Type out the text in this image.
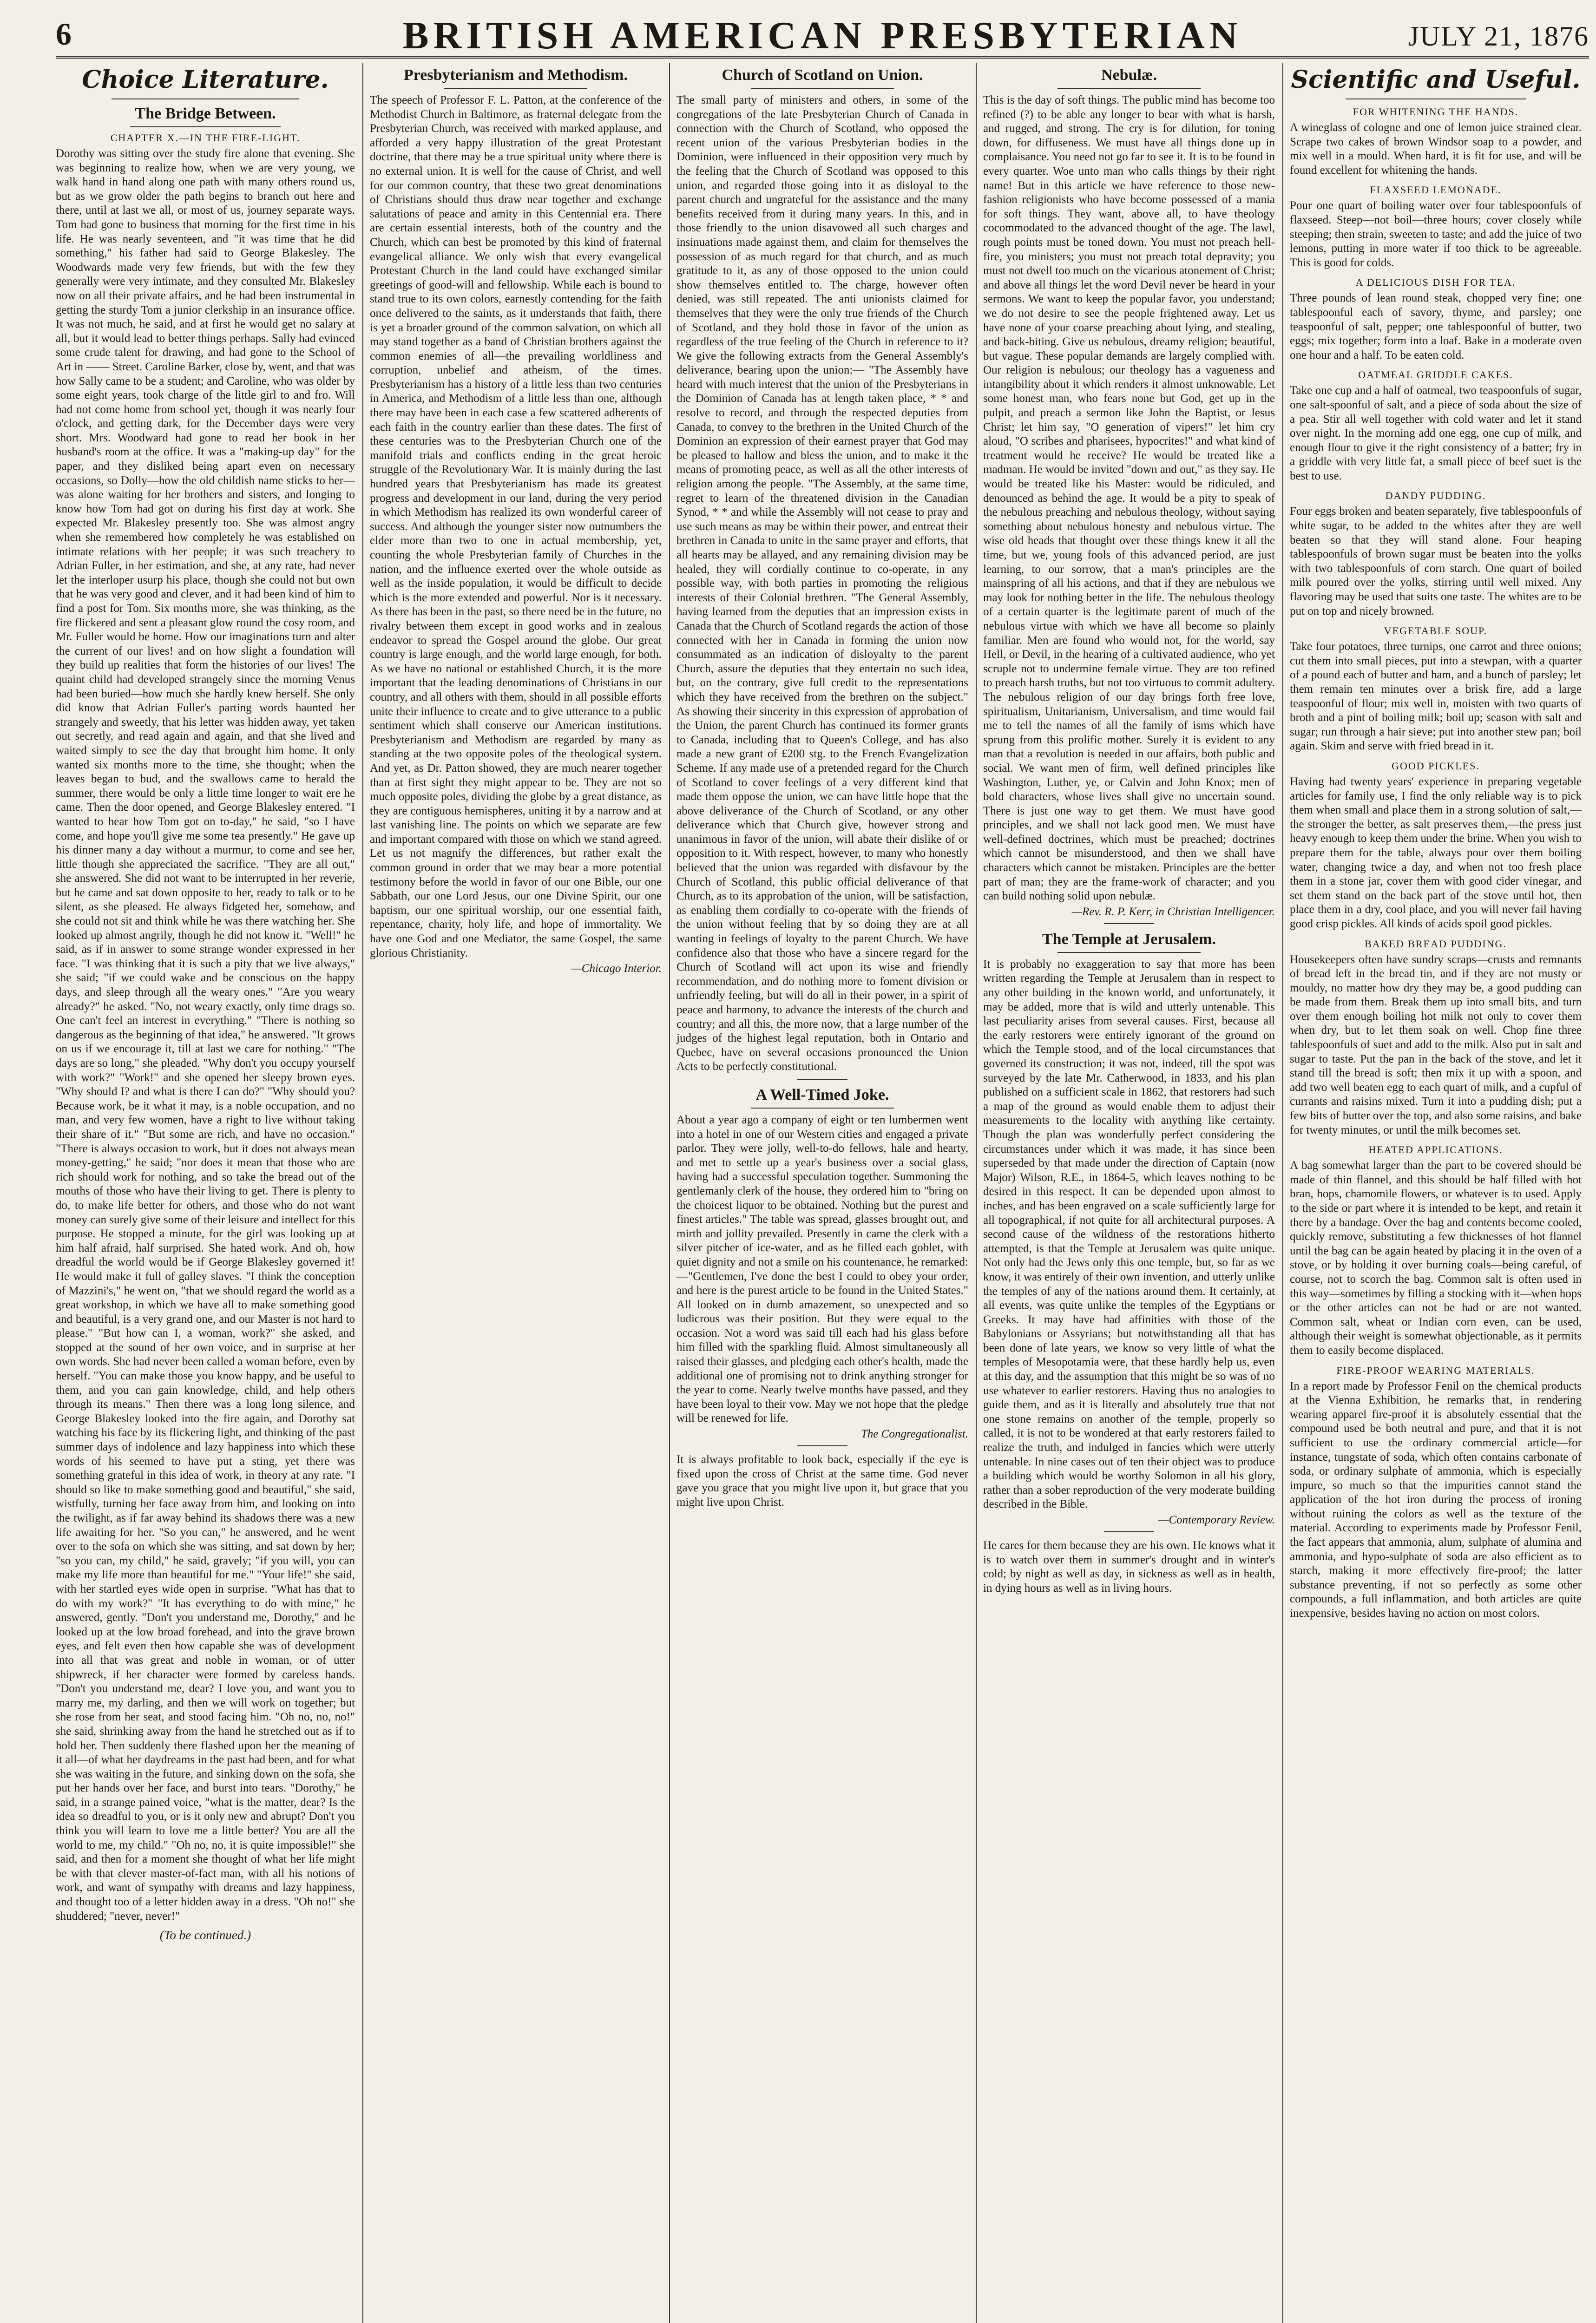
6	BRITISH AMERICAN PRESBYTERIAN	JULY 21, 1876
Choice Literature.
The Bridge Between.
CHAPTER X.—IN THE FIRE-LIGHT.

Dorothy was sitting over the study fire alone that evening. She was beginning to realize how, when we are very young, we walk hand in hand along one path with many others round us, but as we grow older the path begins to branch out here and there, until at last we all, or most of us, journey separate ways. Tom had gone to business that morning for the first time in his life. He was nearly seventeen, and "it was time that he did something," his father had said to George Blakesley. The Woodwards made very few friends, but with the few they generally were very intimate, and they consulted Mr. Blakesley now on all their private affairs, and he had been instrumental in getting the sturdy Tom a junior clerkship in an insurance office. It was not much, he said, and at first he would get no salary at all, but it would lead to better things perhaps. Sally had evinced some crude talent for drawing, and had gone to the School of Art in —— Street. Caroline Barker, close by, went, and that was how Sally came to be a student; and Caroline, who was older by some eight years, took charge of the little girl to and fro. Will had not come home from school yet, though it was nearly four o'clock, and getting dark, for the December days were very short. Mrs. Woodward had gone to read her book in her husband's room at the office. It was a "making-up day" for the paper, and they disliked being apart even on necessary occasions, so Dolly—how the old childish name sticks to her—was alone waiting for her brothers and sisters, and longing to know how Tom had got on during his first day at work. She expected Mr. Blakesley presently too. She was almost angry when she remembered how completely he was established on intimate relations with her people; it was such treachery to Adrian Fuller, in her estimation, and she, at any rate, had never let the interloper usurp his place, though she could not but own that he was very good and clever, and it had been kind of him to find a post for Tom. Six months more, she was thinking, as the fire flickered and sent a pleasant glow round the cosy room, and Mr. Fuller would be home. How our imaginations turn and alter the current of our lives! and on how slight a foundation will they build up realities that form the histories of our lives! The quaint child had developed strangely since the morning Venus had been buried—how much she hardly knew herself. She only did know that Adrian Fuller's parting words haunted her strangely and sweetly, that his letter was hidden away, yet taken out secretly, and read again and again, and that she lived and waited simply to see the day that brought him home. It only wanted six months more to the time, she thought; when the leaves began to bud, and the swallows came to herald the summer, there would be only a little time longer to wait ere he came. Then the door opened, and George Blakesley entered. "I wanted to hear how Tom got on to-day," he said, "so I have come, and hope you'll give me some tea presently." He gave up his dinner many a day without a murmur, to come and see her, little though she appreciated the sacrifice. "They are all out," she answered. She did not want to be interrupted in her reverie, but he came and sat down opposite to her, ready to talk or to be silent, as she pleased. He always fidgeted her, somehow, and she could not sit and think while he was there watching her. She looked up almost angrily, though he did not know it. "Well!" he said, as if in answer to some strange wonder expressed in her face. "I was thinking that it is such a pity that we live always," she said; "if we could wake and be conscious on the happy days, and sleep through all the weary ones." "Are you weary already?" he asked. "No, not weary exactly, only time drags so. One can't feel an interest in everything." "There is nothing so dangerous as the beginning of that idea," he answered. "It grows on us if we encourage it, till at last we care for nothing." "The days are so long," she pleaded. "Why don't you occupy yourself with work?" "Work!" and she opened her sleepy brown eyes. "Why should I? and what is there I can do?" "Why should you? Because work, be it what it may, is a noble occupation, and no man, and very few women, have a right to live without taking their share of it." "But some are rich, and have no occasion." "There is always occasion to work, but it does not always mean money-getting," he said; "nor does it mean that those who are rich should work for nothing, and so take the bread out of the mouths of those who have their living to get. There is plenty to do, to make life better for others, and those who do not want money can surely give some of their leisure and intellect for this purpose. He stopped a minute, for the girl was looking up at him half afraid, half surprised. She hated work. And oh, how dreadful the world would be if George Blakesley governed it! He would make it full of galley slaves. "I think the conception of Mazzini's," he went on, "that we should regard the world as a great workshop, in which we have all to make something good and beautiful, is a very grand one, and our Master is not hard to please." "But how can I, a woman, work?" she asked, and stopped at the sound of her own voice, and in surprise at her own words. She had never been called a woman before, even by herself. "You can make those you know happy, and be useful to them, and you can gain knowledge, child, and help others through its means." Then there was a long long silence, and George Blakesley looked into the fire again, and Dorothy sat watching his face by its flickering light, and thinking of the past summer days of indolence and lazy happiness into which these words of his seemed to have put a sting, yet there was something grateful in this idea of work, in theory at any rate. "I should so like to make something good and beautiful," she said, wistfully, turning her face away from him, and looking on into the twilight, as if far away behind its shadows there was a new life awaiting for her. "So you can," he answered, and he went over to the sofa on which she was sitting, and sat down by her; "so you can, my child," he said, gravely; "if you will, you can make my life more than beautiful for me." "Your life!" she said, with her startled eyes wide open in surprise. "What has that to do with my work?" "It has everything to do with mine," he answered, gently. "Don't you understand me, Dorothy," and he looked up at the low broad forehead, and into the grave brown eyes, and felt even then how capable she was of development into all that was great and noble in woman, or of utter shipwreck, if her character were formed by careless hands. "Don't you understand me, dear? I love you, and want you to marry me, my darling, and then we will work on together; but she rose from her seat, and stood facing him. "Oh no, no, no!" she said, shrinking away from the hand he stretched out as if to hold her. Then suddenly there flashed upon her the meaning of it all—of what her daydreams in the past had been, and for what she was waiting in the future, and sinking down on the sofa, she put her hands over her face, and burst into tears. "Dorothy," he said, in a strange pained voice, "what is the matter, dear? Is the idea so dreadful to you, or is it only new and abrupt? Don't you think you will learn to love me a little better? You are all the world to me, my child." "Oh no, no, it is quite impossible!" she said, and then for a moment she thought of what her life might be with that clever master-of-fact man, with all his notions of work, and want of sympathy with dreams and lazy happiness, and thought too of a letter hidden away in a dress. "Oh no!" she shuddered; "never, never!"

(To be continued.)
Presbyterianism and Methodism.

The speech of Professor F. L. Patton, at the conference of the Methodist Church in Baltimore, as fraternal delegate from the Presbyterian Church, was received with marked applause, and afforded a very happy illustration of the great Protestant doctrine, that there may be a true spiritual unity where there is no external union. It is well for the cause of Christ, and well for our common country, that these two great denominations of Christians should thus draw near together and exchange salutations of peace and amity in this Centennial era. There are certain essential interests, both of the country and the Church, which can best be promoted by this kind of fraternal evangelical alliance. We only wish that every evangelical Protestant Church in the land could have exchanged similar greetings of good-will and fellowship. While each is bound to stand true to its own colors, earnestly contending for the faith once delivered to the saints, as it understands that faith, there is yet a broader ground of the common salvation, on which all may stand together as a band of Christian brothers against the common enemies of all—the prevailing worldliness and corruption, unbelief and atheism, of the times. Presbyterianism has a history of a little less than two centuries in America, and Methodism of a little less than one, although there may have been in each case a few scattered adherents of each faith in the country earlier than these dates. The first of these centuries was to the Presbyterian Church one of the manifold trials and conflicts ending in the great heroic struggle of the Revolutionary War. It is mainly during the last hundred years that Presbyterianism has made its greatest progress and development in our land, during the very period in which Methodism has realized its own wonderful career of success. And although the younger sister now outnumbers the elder more than two to one in actual membership, yet, counting the whole Presbyterian family of Churches in the nation, and the influence exerted over the whole outside as well as the inside population, it would be difficult to decide which is the more extended and powerful. Nor is it necessary. As there has been in the past, so there need be in the future, no rivalry between them except in good works and in zealous endeavor to spread the Gospel around the globe. Our great country is large enough, and the world large enough, for both. As we have no national or established Church, it is the more important that the leading denominations of Christians in our country, and all others with them, should in all possible efforts unite their influence to create and to give utterance to a public sentiment which shall conserve our American institutions. Presbyterianism and Methodism are regarded by many as standing at the two opposite poles of the theological system. And yet, as Dr. Patton showed, they are much nearer together than at first sight they might appear to be. They are not so much opposite poles, dividing the globe by a great distance, as they are contiguous hemispheres, uniting it by a narrow and at last vanishing line. The points on which we separate are few and important compared with those on which we stand agreed. Let us not magnify the differences, but rather exalt the common ground in order that we may bear a more potential testimony before the world in favor of our one Bible, our one Sabbath, our one Lord Jesus, our one Divine Spirit, our one baptism, our one spiritual worship, our one essential faith, repentance, charity, holy life, and hope of immortality. We have one God and one Mediator, the same Gospel, the same glorious Christianity.

—Chicago Interior.
Church of Scotland on Union.

The small party of ministers and others, in some of the congregations of the late Presbyterian Church of Canada in connection with the Church of Scotland, who opposed the recent union of the various Presbyterian bodies in the Dominion, were influenced in their opposition very much by the feeling that the Church of Scotland was opposed to this union, and regarded those going into it as disloyal to the parent church and ungrateful for the assistance and the many benefits received from it during many years. In this, and in those friendly to the union disavowed all such charges and insinuations made against them, and claim for themselves the possession of as much regard for that church, and as much gratitude to it, as any of those opposed to the union could show themselves entitled to. The charge, however often denied, was still repeated. The anti unionists claimed for themselves that they were the only true friends of the Church of Scotland, and they hold those in favor of the union as regardless of the true feeling of the Church in reference to it? We give the following extracts from the General Assembly's deliverance, bearing upon the union:— "The Assembly have heard with much interest that the union of the Presbyterians in the Dominion of Canada has at length taken place, * * and resolve to record, and through the respected deputies from Canada, to convey to the brethren in the United Church of the Dominion an expression of their earnest prayer that God may be pleased to hallow and bless the union, and to make it the means of promoting peace, as well as all the other interests of religion among the people. "The Assembly, at the same time, regret to learn of the threatened division in the Canadian Synod, * * and while the Assembly will not cease to pray and use such means as may be within their power, and entreat their brethren in Canada to unite in the same prayer and efforts, that all hearts may be allayed, and any remaining division may be healed, they will cordially continue to co-operate, in any possible way, with both parties in promoting the religious interests of their Colonial brethren. "The General Assembly, having learned from the deputies that an impression exists in Canada that the Church of Scotland regards the action of those connected with her in Canada in forming the union now consummated as an indication of disloyalty to the parent Church, assure the deputies that they entertain no such idea, but, on the contrary, give full credit to the representations which they have received from the brethren on the subject." As showing their sincerity in this expression of approbation of the Union, the parent Church has continued its former grants to Canada, including that to Queen's College, and has also made a new grant of £200 stg. to the French Evangelization Scheme. If any made use of a pretended regard for the Church of Scotland to cover feelings of a very different kind that made them oppose the union, we can have little hope that the above deliverance of the Church of Scotland, or any other deliverance which that Church give, however strong and unanimous in favor of the union, will abate their dislike of or opposition to it. With respect, however, to many who honestly believed that the union was regarded with disfavour by the Church of Scotland, this public official deliverance of that Church, as to its approbation of the union, will be satisfaction, as enabling them cordially to co-operate with the friends of the union without feeling that by so doing they are at all wanting in feelings of loyalty to the parent Church. We have confidence also that those who have a sincere regard for the Church of Scotland will act upon its wise and friendly recommendation, and do nothing more to foment division or unfriendly feeling, but will do all in their power, in a spirit of peace and harmony, to advance the interests of the church and country; and all this, the more now, that a large number of the judges of the highest legal reputation, both in Ontario and Quebec, have on several occasions pronounced the Union Acts to be perfectly constitutional.

A Well-Timed Joke.

About a year ago a company of eight or ten lumbermen went into a hotel in one of our Western cities and engaged a private parlor. They were jolly, well-to-do fellows, hale and hearty, and met to settle up a year's business over a social glass, having had a successful speculation together. Summoning the gentlemanly clerk of the house, they ordered him to "bring on the choicest liquor to be obtained. Nothing but the purest and finest articles." The table was spread, glasses brought out, and mirth and jollity prevailed. Presently in came the clerk with a silver pitcher of ice-water, and as he filled each goblet, with quiet dignity and not a smile on his countenance, he remarked:—"Gentlemen, I've done the best I could to obey your order, and here is the purest article to be found in the United States." All looked on in dumb amazement, so unexpected and so ludicrous was their position. But they were equal to the occasion. Not a word was said till each had his glass before him filled with the sparkling fluid. Almost simultaneously all raised their glasses, and pledging each other's health, made the additional one of promising not to drink anything stronger for the year to come. Nearly twelve months have passed, and they have been loyal to their vow. May we not hope that the pledge will be renewed for life.

The Congregationalist.

It is always profitable to look back, especially if the eye is fixed upon the cross of Christ at the same time. God never gave you grace that you might live upon it, but grace that you might live upon Christ.

Nebulæ.

This is the day of soft things. The public mind has become too refined (?) to be able any longer to bear with what is harsh, and rugged, and strong. The cry is for dilution, for toning down, for diffuseness. We must have all things done up in complaisance. You need not go far to see it. It is to be found in every quarter. Woe unto man who calls things by their right name! But in this article we have reference to those new-fashion religionists who have become possessed of a mania for soft things. They want, above all, to have theology cocommodated to the advanced thought of the age. The lawl, rough points must be toned down. You must not preach hell-fire, you ministers; you must not preach total depravity; you must not dwell too much on the vicarious atonement of Christ; and above all things let the word Devil never be heard in your sermons. We want to keep the popular favor, you understand; we do not desire to see the people frightened away. Let us have none of your coarse preaching about lying, and stealing, and back-biting. Give us nebulous, dreamy religion; beautiful, but vague. These popular demands are largely complied with. Our religion is nebulous; our theology has a vagueness and intangibility about it which renders it almost unknowable. Let some honest man, who fears none but God, get up in the pulpit, and preach a sermon like John the Baptist, or Jesus Christ; let him say, "O generation of vipers!" let him cry aloud, "O scribes and pharisees, hypocrites!" and what kind of treatment would he receive? He would be treated like a madman. He would be invited "down and out," as they say. He would be treated like his Master: would be ridiculed, and denounced as behind the age. It would be a pity to speak of the nebulous preaching and nebulous theology, without saying something about nebulous honesty and nebulous virtue. The wise old heads that thought over these things knew it all the time, but we, young fools of this advanced period, are just learning, to our sorrow, that a man's principles are the mainspring of all his actions, and that if they are nebulous we may look for nothing better in the life. The nebulous theology of a certain quarter is the legitimate parent of much of the nebulous virtue with which we have all become so plainly familiar. Men are found who would not, for the world, say Hell, or Devil, in the hearing of a cultivated audience, who yet scruple not to undermine female virtue. They are too refined to preach harsh truths, but not too virtuous to commit adultery. The nebulous religion of our day brings forth free love, spiritualism, Unitarianism, Universalism, and time would fail me to tell the names of all the family of isms which have sprung from this prolific mother. Surely it is evident to any man that a revolution is needed in our affairs, both public and social. We want men of firm, well defined principles like Washington, Luther, ye, or Calvin and John Knox; men of bold characters, whose lives shall give no uncertain sound. There is just one way to get them. We must have good principles, and we shall not lack good men. We must have well-defined doctrines, which must be preached; doctrines which cannot be misunderstood, and then we shall have characters which cannot be mistaken. Principles are the better part of man; they are the frame-work of character; and you can build nothing solid upon nebulæ.

—Rev. R. P. Kerr, in Christian Intelligencer.
The Temple at Jerusalem.

It is probably no exaggeration to say that more has been written regarding the Temple at Jerusalem than in respect to any other building in the known world, and unfortunately, it may be added, more that is wild and utterly untenable. This last peculiarity arises from several causes. First, because all the early restorers were entirely ignorant of the ground on which the Temple stood, and of the local circumstances that governed its construction; it was not, indeed, till the spot was surveyed by the late Mr. Catherwood, in 1833, and his plan published on a sufficient scale in 1862, that restorers had such a map of the ground as would enable them to adjust their measurements to the locality with anything like certainty. Though the plan was wonderfully perfect considering the circumstances under which it was made, it has since been superseded by that made under the direction of Captain (now Major) Wilson, R.E., in 1864-5, which leaves nothing to be desired in this respect. It can be depended upon almost to inches, and has been engraved on a scale sufficiently large for all topographical, if not quite for all architectural purposes. A second cause of the wildness of the restorations hitherto attempted, is that the Temple at Jerusalem was quite unique. Not only had the Jews only this one temple, but, so far as we know, it was entirely of their own invention, and utterly unlike the temples of any of the nations around them. It certainly, at all events, was quite unlike the temples of the Egyptians or Greeks. It may have had affinities with those of the Babylonians or Assyrians; but notwithstanding all that has been done of late years, we know so very little of what the temples of Mesopotamia were, that these hardly help us, even at this day, and the assumption that this might be so was of no use whatever to earlier restorers. Having thus no analogies to guide them, and as it is literally and absolutely true that not one stone remains on another of the temple, properly so called, it is not to be wondered at that early restorers failed to realize the truth, and indulged in fancies which were utterly untenable. In nine cases out of ten their object was to produce a building which would be worthy Solomon in all his glory, rather than a sober reproduction of the very moderate building described in the Bible.

—Contemporary Review.

He cares for them because they are his own. He knows what it is to watch over them in summer's drought and in winter's cold; by night as well as day, in sickness as well as in health, in dying hours as well as in living hours.

Scientific and Useful.
FOR WHITENING THE HANDS.

A wineglass of cologne and one of lemon juice strained clear. Scrape two cakes of brown Windsor soap to a powder, and mix well in a mould. When hard, it is fit for use, and will be found excellent for whitening the hands.

FLAXSEED LEMONADE.

Pour one quart of boiling water over four tablespoonfuls of flaxseed. Steep—not boil—three hours; cover closely while steeping; then strain, sweeten to taste; and add the juice of two lemons, putting in more water if too thick to be agreeable. This is good for colds.

A DELICIOUS DISH FOR TEA.

Three pounds of lean round steak, chopped very fine; one tablespoonful each of savory, thyme, and parsley; one teaspoonful of salt, pepper; one tablespoonful of butter, two eggs; mix together; form into a loaf. Bake in a moderate oven one hour and a half. To be eaten cold.

OATMEAL GRIDDLE CAKES.

Take one cup and a half of oatmeal, two teaspoonfuls of sugar, one salt-spoonful of salt, and a piece of soda about the size of a pea. Stir all well together with cold water and let it stand over night. In the morning add one egg, one cup of milk, and enough flour to give it the right consistency of a batter; fry in a griddle with very little fat, a small piece of beef suet is the best to use.

DANDY PUDDING.

Four eggs broken and beaten separately, five tablespoonfuls of white sugar, to be added to the whites after they are well beaten so that they will stand alone. Four heaping tablespoonfuls of brown sugar must be beaten into the yolks with two tablespoonfuls of corn starch. One quart of boiled milk poured over the yolks, stirring until well mixed. Any flavoring may be used that suits one taste. The whites are to be put on top and nicely browned.

VEGETABLE SOUP.

Take four potatoes, three turnips, one carrot and three onions; cut them into small pieces, put into a stewpan, with a quarter of a pound each of butter and ham, and a bunch of parsley; let them remain ten minutes over a brisk fire, add a large teaspoonful of flour; mix well in, moisten with two quarts of broth and a pint of boiling milk; boil up; season with salt and sugar; run through a hair sieve; put into another stew pan; boil again. Skim and serve with fried bread in it.

GOOD PICKLES.

Having had twenty years' experience in preparing vegetable articles for family use, I find the only reliable way is to pick them when small and place them in a strong solution of salt,—the stronger the better, as salt preserves them,—the press just heavy enough to keep them under the brine. When you wish to prepare them for the table, always pour over them boiling water, changing twice a day, and when not too fresh place them in a stone jar, cover them with good cider vinegar, and set them stand on the back part of the stove until hot, then place them in a dry, cool place, and you will never fail having good crisp pickles. All kinds of acids spoil good pickles.

BAKED BREAD PUDDING.

Housekeepers often have sundry scraps—crusts and remnants of bread left in the bread tin, and if they are not musty or mouldy, no matter how dry they may be, a good pudding can be made from them. Break them up into small bits, and turn over them enough boiling hot milk not only to cover them when dry, but to let them soak on well. Chop fine three tablespoonfuls of suet and add to the milk. Also put in salt and sugar to taste. Put the pan in the back of the stove, and let it stand till the bread is soft; then mix it up with a spoon, and add two well beaten egg to each quart of milk, and a cupful of currants and raisins mixed. Turn it into a pudding dish; put a few bits of butter over the top, and also some raisins, and bake for twenty minutes, or until the milk becomes set.

HEATED APPLICATIONS.

A bag somewhat larger than the part to be covered should be made of thin flannel, and this should be half filled with hot bran, hops, chamomile flowers, or whatever is to used. Apply to the side or part where it is intended to be kept, and retain it there by a bandage. Over the bag and contents become cooled, quickly remove, substituting a few thicknesses of hot flannel until the bag can be again heated by placing it in the oven of a stove, or by holding it over burning coals—being careful, of course, not to scorch the bag. Common salt is often used in this way—sometimes by filling a stocking with it—when hops or the other articles can not be had or are not wanted. Common salt, wheat or Indian corn even, can be used, although their weight is somewhat objectionable, as it permits them to easily become displaced.

FIRE-PROOF WEARING MATERIALS.

In a report made by Professor Fenil on the chemical products at the Vienna Exhibition, he remarks that, in rendering wearing apparel fire-proof it is absolutely essential that the compound used be both neutral and pure, and that it is not sufficient to use the ordinary commercial article—for instance, tungstate of soda, which often contains carbonate of soda, or ordinary sulphate of ammonia, which is especially impure, so much so that the impurities cannot stand the application of the hot iron during the process of ironing without ruining the colors as well as the texture of the material. According to experiments made by Professor Fenil, the fact appears that ammonia, alum, sulphate of alumina and ammonia, and hypo-sulphate of soda are also efficient as to starch, making it more effectively fire-proof; the latter substance preventing, if not so perfectly as some other compounds, a full inflammation, and both articles are quite inexpensive, besides having no action on most colors.
